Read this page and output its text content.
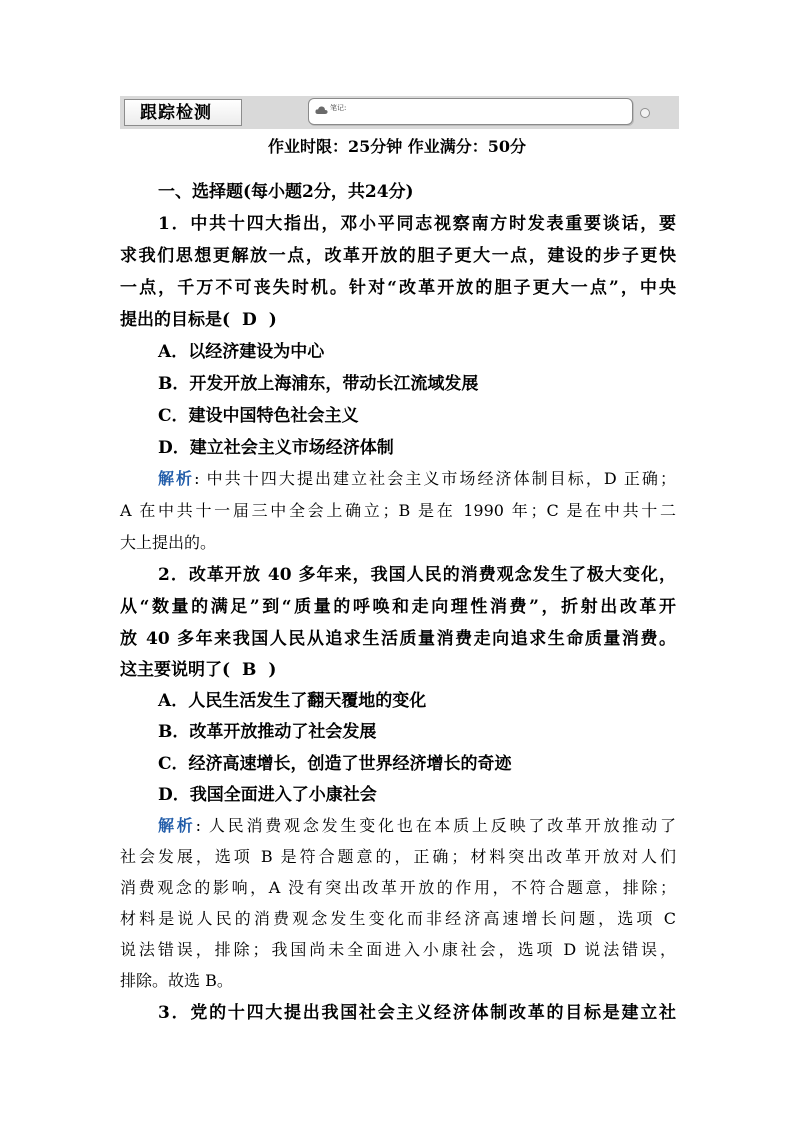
跟踪检测	笔记:
作业时限：25分钟 作业满分：50分
一、选择题(每小题2分，共24分)
1．中共十四大指出，邓小平同志视察南方时发表重要谈话，要
求我们思想更解放一点，改革开放的胆子更大一点，建设的步子更快
一点，千万不可丧失时机。针对“改革开放的胆子更大一点”，中央
提出的目标是( D )
A．以经济建设为中心
B．开发开放上海浦东，带动长江流域发展
C．建设中国特色社会主义
D．建立社会主义市场经济体制
解析: 中共十四大提出建立社会主义市场经济体制目标，D 正确；
A 在中共十一届三中全会上确立；B 是在 1990 年；C 是在中共十二
大上提出的。
2．改革开放 40 多年来，我国人民的消费观念发生了极大变化，
从“数量的满足”到“质量的呼唤和走向理性消费”，折射出改革开
放 40 多年来我国人民从追求生活质量消费走向追求生命质量消费。
这主要说明了( B )
A．人民生活发生了翻天覆地的变化
B．改革开放推动了社会发展
C．经济高速增长，创造了世界经济增长的奇迹
D．我国全面进入了小康社会
解析: 人民消费观念发生变化也在本质上反映了改革开放推动了
社会发展，选项 B 是符合题意的，正确；材料突出改革开放对人们
消费观念的影响，A 没有突出改革开放的作用，不符合题意，排除；
材料是说人民的消费观念发生变化而非经济高速增长问题，选项 C
说法错误，排除；我国尚未全面进入小康社会，选项 D 说法错误，
排除。故选 B。
3．党的十四大提出我国社会主义经济体制改革的目标是建立社
